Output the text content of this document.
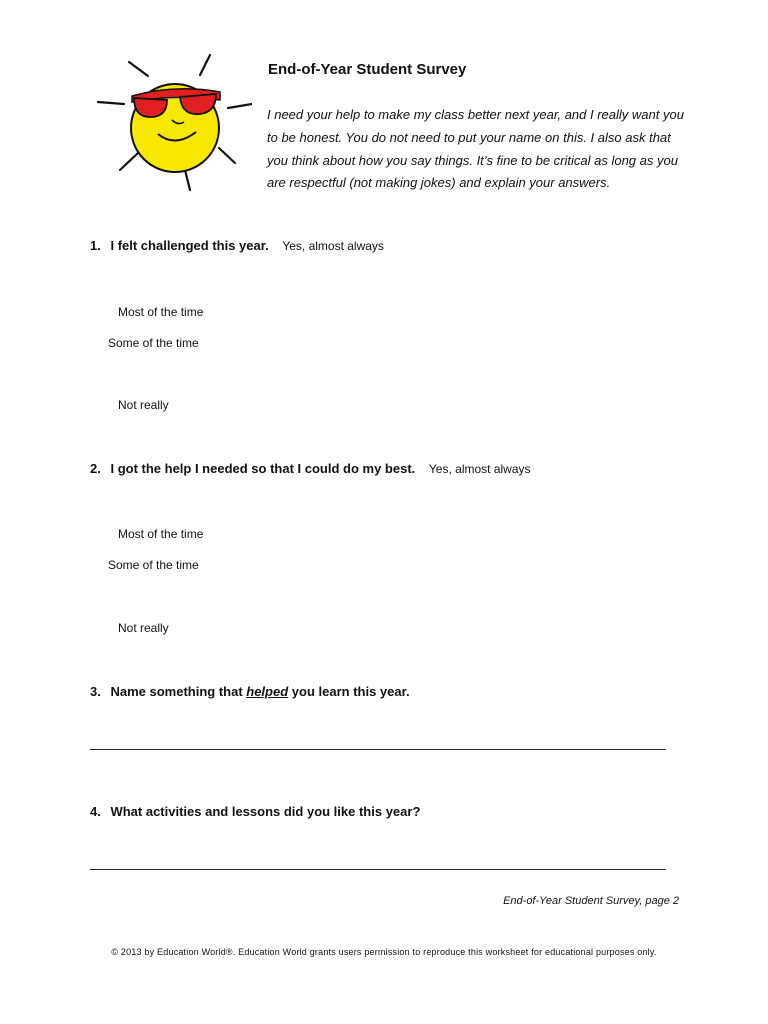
End-of-Year Student Survey
I need your help to make my class better next year, and I really want you to be honest. You do not need to put your name on this. I also ask that you think about how you say things. It’s fine to be critical as long as you are respectful (not making jokes) and explain your answers.
1. I felt challenged this year. Yes, almost always
Most of the time
Some of the time
Not really
2. I got the help I needed so that I could do my best. Yes, almost always
Most of the time
Some of the time
Not really
3. Name something that helped you learn this year.
4. What activities and lessons did you like this year?
End-of-Year Student Survey, page 2
© 2013 by Education World®. Education World grants users permission to reproduce this worksheet for educational purposes only.
